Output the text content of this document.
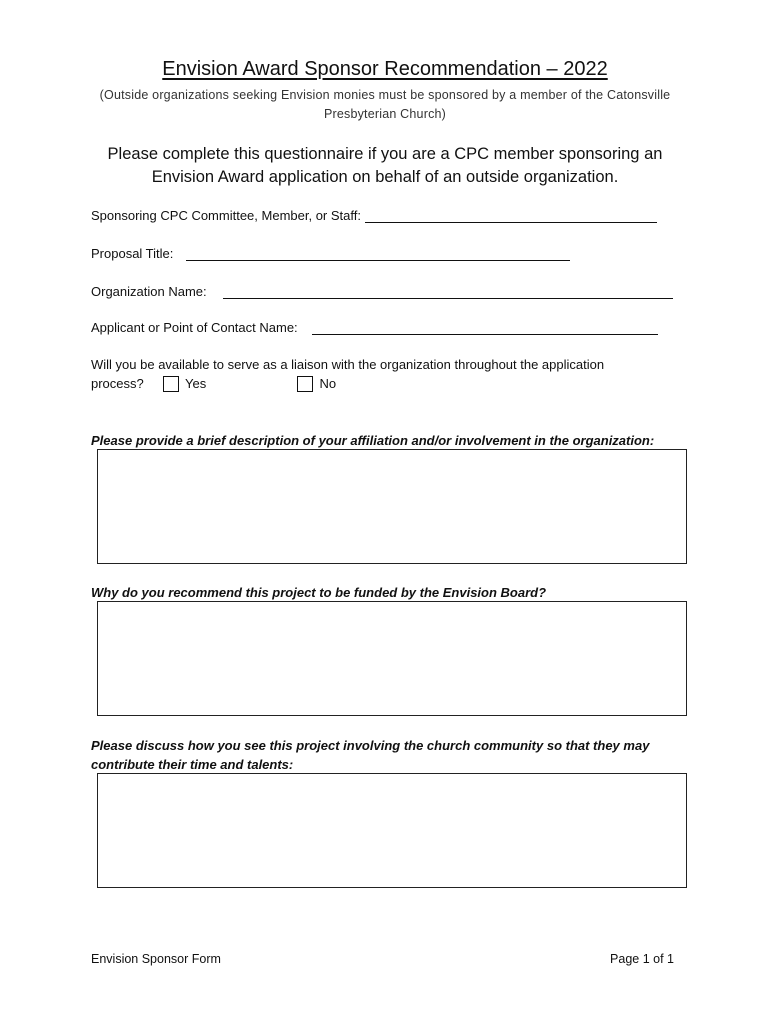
Envision Award Sponsor Recommendation – 2022
(Outside organizations seeking Envision monies must be sponsored by a member of the Catonsville Presbyterian Church)
Please complete this questionnaire if you are a CPC member sponsoring an Envision Award application on behalf of an outside organization.
Sponsoring CPC Committee, Member, or Staff:
Proposal Title:
Organization Name:
Applicant or Point of Contact Name:
Will you be available to serve as a liaison with the organization throughout the application
process?	Yes	No
Please provide a brief description of your affiliation and/or involvement in the organization:
Why do you recommend this project to be funded by the Envision Board?
Please discuss how you see this project involving the church community so that they may contribute their time and talents:
Envision Sponsor Form	Page 1 of 1
